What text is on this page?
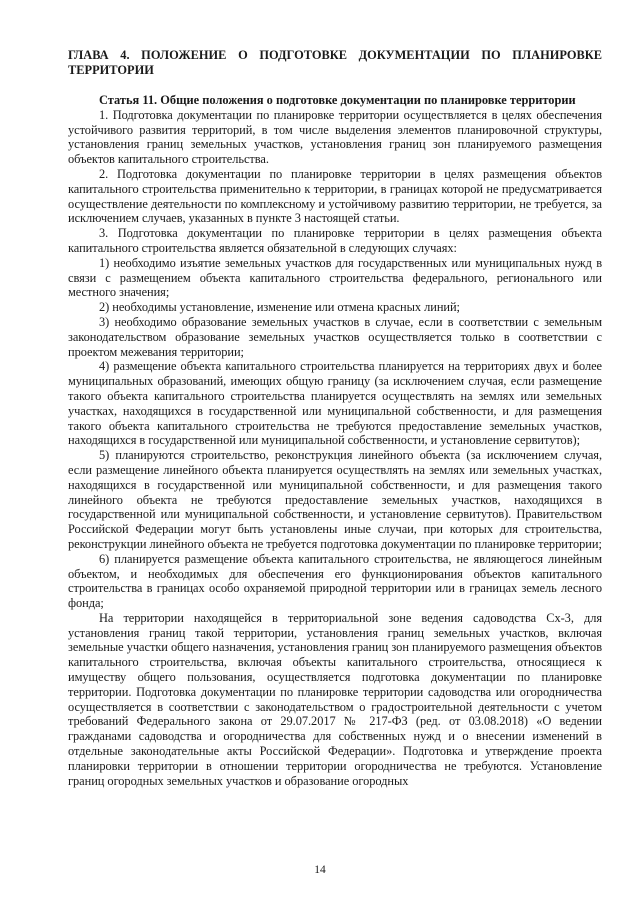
ГЛАВА 4. ПОЛОЖЕНИЕ О ПОДГОТОВКЕ ДОКУМЕНТАЦИИ ПО ПЛАНИРОВКЕ ТЕРРИТОРИИ
Статья 11. Общие положения о подготовке документации по планировке территории

1. Подготовка документации по планировке территории осуществляется в целях обеспечения устойчивого развития территорий, в том числе выделения элементов планировочной структуры, установления границ земельных участков, установления границ зон планируемого размещения объектов капитального строительства.

2. Подготовка документации по планировке территории в целях размещения объектов капитального строительства применительно к территории, в границах которой не предусматривается осуществление деятельности по комплексному и устойчивому развитию территории, не требуется, за исключением случаев, указанных в пункте 3 настоящей статьи.

3. Подготовка документации по планировке территории в целях размещения объекта капитального строительства является обязательной в следующих случаях:

1) необходимо изъятие земельных участков для государственных или муниципальных нужд в связи с размещением объекта капитального строительства федерального, регионального или местного значения;

2) необходимы установление, изменение или отмена красных линий;

3) необходимо образование земельных участков в случае, если в соответствии с земельным законодательством образование земельных участков осуществляется только в соответствии с проектом межевания территории;

4) размещение объекта капитального строительства планируется на территориях двух и более муниципальных образований, имеющих общую границу (за исключением случая, если размещение такого объекта капитального строительства планируется осуществлять на землях или земельных участках, находящихся в государственной или муниципальной собственности, и для размещения такого объекта капитального строительства не требуются предоставление земельных участков, находящихся в государственной или муниципальной собственности, и установление сервитутов);

5) планируются строительство, реконструкция линейного объекта (за исключением случая, если размещение линейного объекта планируется осуществлять на землях или земельных участках, находящихся в государственной или муниципальной собственности, и для размещения такого линейного объекта не требуются предоставление земельных участков, находящихся в государственной или муниципальной собственности, и установление сервитутов). Правительством Российской Федерации могут быть установлены иные случаи, при которых для строительства, реконструкции линейного объекта не требуется подготовка документации по планировке территории;

6) планируется размещение объекта капитального строительства, не являющегося линейным объектом, и необходимых для обеспечения его функционирования объектов капитального строительства в границах особо охраняемой природной территории или в границах земель лесного фонда;

На территории находящейся в территориальной зоне ведения садоводства Сх-3, для установления границ такой территории, установления границ земельных участков, включая земельные участки общего назначения, установления границ зон планируемого размещения объектов капитального строительства, включая объекты капитального строительства, относящиеся к имуществу общего пользования, осуществляется подготовка документации по планировке территории. Подготовка документации по планировке территории садоводства или огородничества осуществляется в соответствии с законодательством о градостроительной деятельности с учетом требований Федерального закона от 29.07.2017 № 217-ФЗ (ред. от 03.08.2018) «О ведении гражданами садоводства и огородничества для собственных нужд и о внесении изменений в отдельные законодательные акты Российской Федерации». Подготовка и утверждение проекта планировки территории в отношении территории огородничества не требуются. Установление границ огородных земельных участков и образование огородных

14
